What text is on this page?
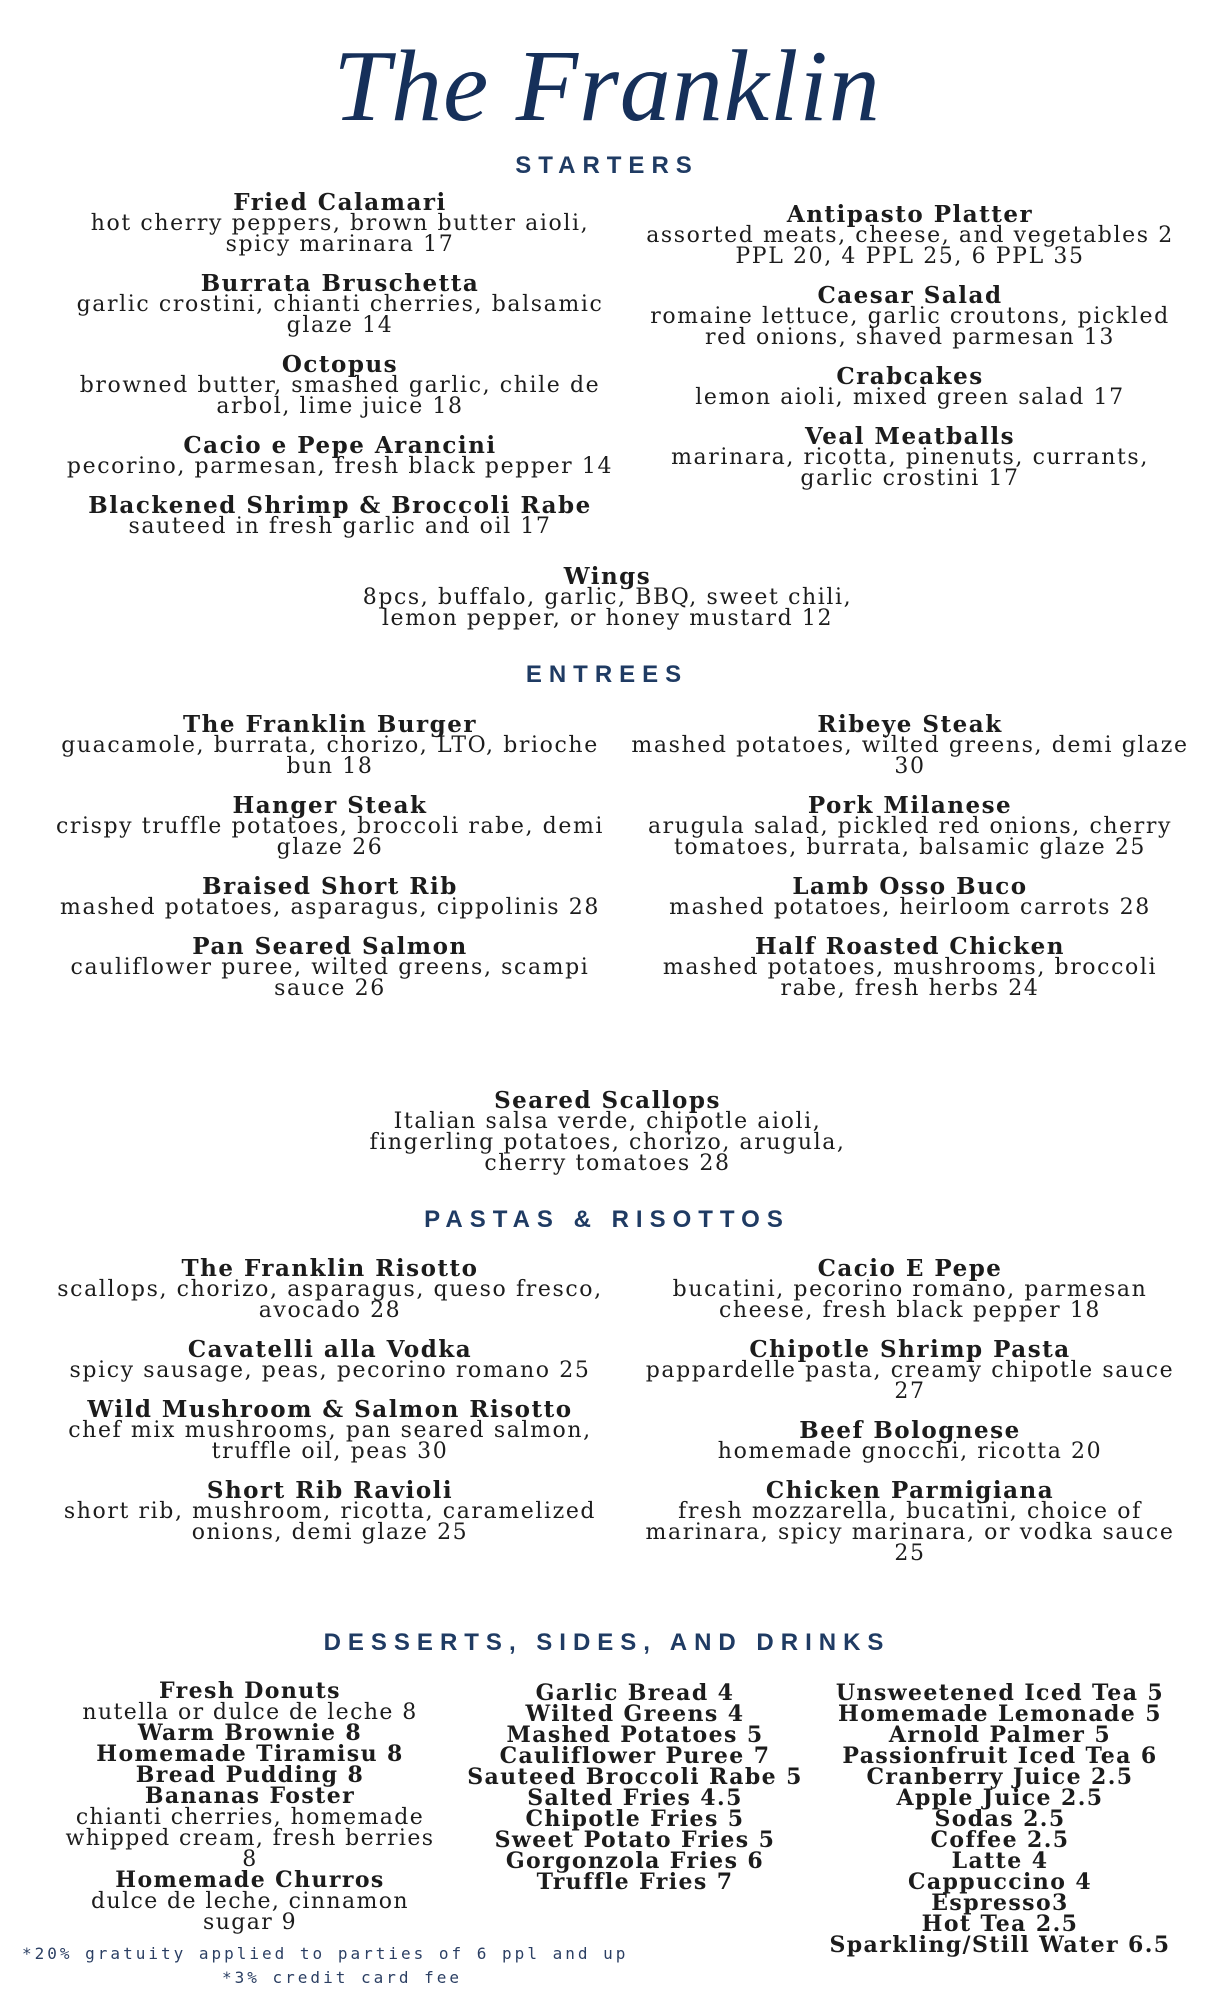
The Franklin
STARTERS
Fried Calamari
hot cherry peppers, brown butter aioli, spicy marinara 17
Burrata Bruschetta
garlic crostini, chianti cherries, balsamic glaze 14
Octopus
browned butter, smashed garlic, chile de arbol, lime juice 18
Cacio e Pepe Arancini
pecorino, parmesan, fresh black pepper 14
Blackened Shrimp & Broccoli Rabe
sauteed in fresh garlic and oil 17
Antipasto Platter
assorted meats, cheese, and vegetables 2 PPL 20, 4 PPL 25, 6 PPL 35
Caesar Salad
romaine lettuce, garlic croutons, pickled red onions, shaved parmesan 13
Crabcakes
lemon aioli, mixed green salad 17
Veal Meatballs
marinara, ricotta, pinenuts, currants, garlic crostini 17
Wings
8pcs, buffalo, garlic, BBQ, sweet chili, lemon pepper, or honey mustard 12
ENTREES
The Franklin Burger
guacamole, burrata, chorizo, LTO, brioche bun 18
Hanger Steak
crispy truffle potatoes, broccoli rabe, demi glaze 26
Braised Short Rib
mashed potatoes, asparagus, cippolinis 28
Pan Seared Salmon
cauliflower puree, wilted greens, scampi sauce 26
Ribeye Steak
mashed potatoes, wilted greens, demi glaze 30
Pork Milanese
arugula salad, pickled red onions, cherry tomatoes, burrata, balsamic glaze 25
Lamb Osso Buco
mashed potatoes, heirloom carrots 28
Half Roasted Chicken
mashed potatoes, mushrooms, broccoli rabe, fresh herbs 24
Seared Scallops
Italian salsa verde, chipotle aioli, fingerling potatoes, chorizo, arugula, cherry tomatoes 28
PASTAS & RISOTTOS
The Franklin Risotto
scallops, chorizo, asparagus, queso fresco, avocado 28
Cavatelli alla Vodka
spicy sausage, peas, pecorino romano 25
Wild Mushroom & Salmon Risotto
chef mix mushrooms, pan seared salmon, truffle oil, peas 30
Short Rib Ravioli
short rib, mushroom, ricotta, caramelized onions, demi glaze 25
Cacio E Pepe
bucatini, pecorino romano, parmesan cheese, fresh black pepper 18
Chipotle Shrimp Pasta
pappardelle pasta, creamy chipotle sauce 27
Beef Bolognese
homemade gnocchi, ricotta 20
Chicken Parmigiana
fresh mozzarella, bucatini, choice of marinara, spicy marinara, or vodka sauce 25
DESSERTS, SIDES, AND DRINKS
Fresh Donuts
nutella or dulce de leche 8
Warm Brownie 8
Homemade Tiramisu 8
Bread Pudding 8
Bananas Foster
chianti cherries, homemade whipped cream, fresh berries 8
Homemade Churros
dulce de leche, cinnamon sugar 9
Garlic Bread 4
Wilted Greens 4
Mashed Potatoes 5
Cauliflower Puree 7
Sauteed Broccoli Rabe 5
Salted Fries 4.5
Chipotle Fries 5
Sweet Potato Fries 5
Gorgonzola Fries 6
Truffle Fries 7
Unsweetened Iced Tea 5
Homemade Lemonade 5
Arnold Palmer 5
Passionfruit Iced Tea 6
Cranberry Juice 2.5
Apple Juice 2.5
Sodas 2.5
Coffee 2.5
Latte 4
Cappuccino 4
Espresso3
Hot Tea 2.5
Sparkling/Still Water 6.5
*20% gratuity applied to parties of 6 ppl and up
*3% credit card fee
